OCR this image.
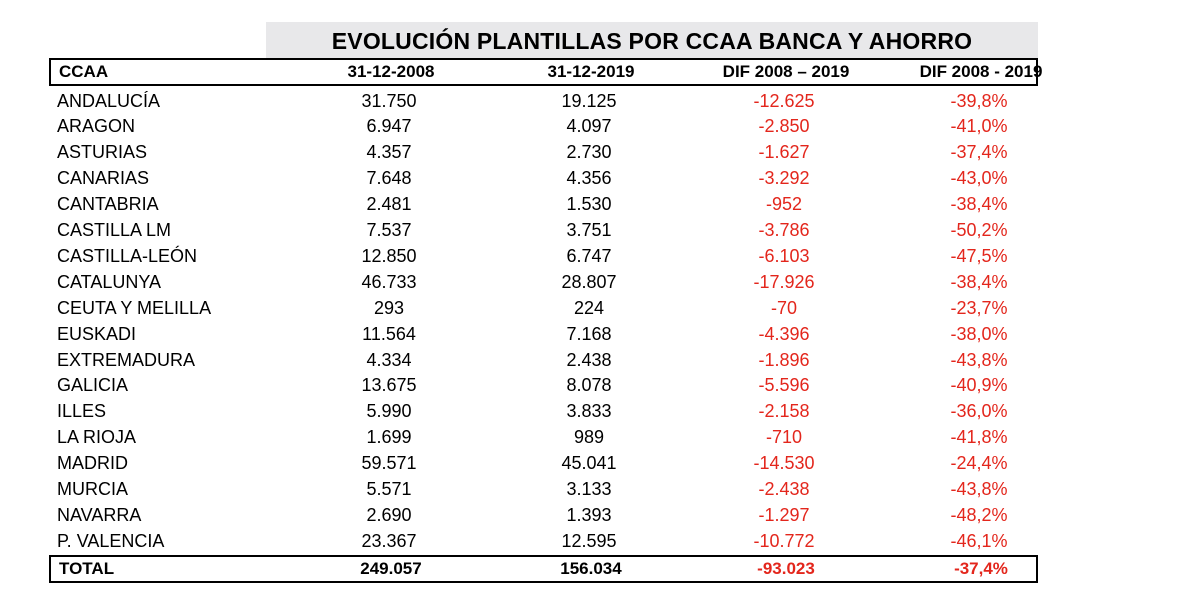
EVOLUCIÓN PLANTILLAS POR CCAA BANCA Y AHORRO
CCAA	31-12-2008	31-12-2019	DIF 2008 – 2019	DIF 2008 - 2019
ANDALUCÍA	31.750	19.125	-12.625	-39,8%
ARAGON	6.947	4.097	-2.850	-41,0%
ASTURIAS	4.357	2.730	-1.627	-37,4%
CANARIAS	7.648	4.356	-3.292	-43,0%
CANTABRIA	2.481	1.530	-952	-38,4%
CASTILLA LM	7.537	3.751	-3.786	-50,2%
CASTILLA-LEÓN	12.850	6.747	-6.103	-47,5%
CATALUNYA	46.733	28.807	-17.926	-38,4%
CEUTA Y MELILLA	293	224	-70	-23,7%
EUSKADI	11.564	7.168	-4.396	-38,0%
EXTREMADURA	4.334	2.438	-1.896	-43,8%
GALICIA	13.675	8.078	-5.596	-40,9%
ILLES	5.990	3.833	-2.158	-36,0%
LA RIOJA	1.699	989	-710	-41,8%
MADRID	59.571	45.041	-14.530	-24,4%
MURCIA	5.571	3.133	-2.438	-43,8%
NAVARRA	2.690	1.393	-1.297	-48,2%
P. VALENCIA	23.367	12.595	-10.772	-46,1%
TOTAL	249.057	156.034	-93.023	-37,4%
